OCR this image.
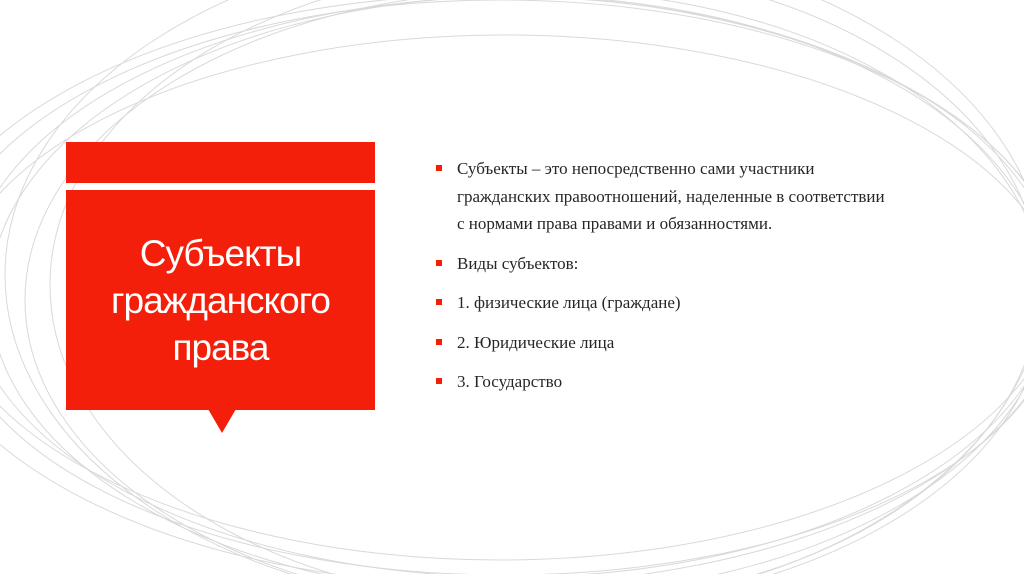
Субъекты
гражданского
права
Субъекты – это непосредственно сами участники гражданских правоотношений, наделенные в соответствии с нормами права правами и обязанностями.
Виды субъектов:
1. физические лица (граждане)
2. Юридические лица
3. Государство
